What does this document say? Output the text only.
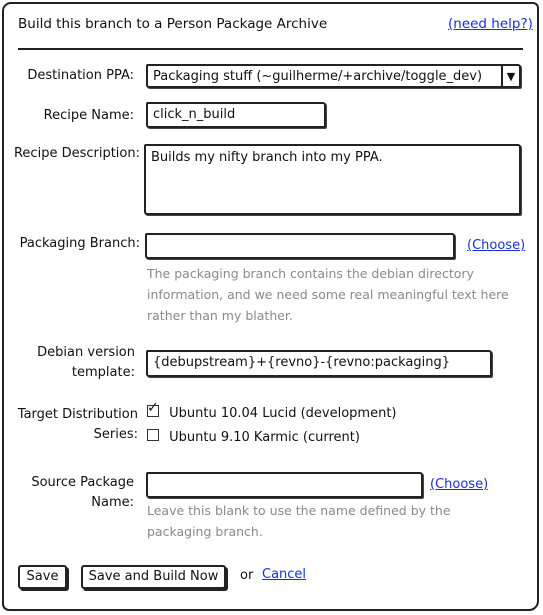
Build this branch to a Person Package Archive	(need help?)
Destination PPA:	Packaging stuff (~guilherme/+archive/toggle_dev)	▼
Recipe Name:	click_n_build
Recipe Description: Builds my nifty branch into my PPA.
Packaging Branch:	(Choose)
The packaging branch contains the debian directory information, and we need some real meaningful text here rather than my blather.
Debian version
template:
{debupstream}+{revno}-{revno:packaging}
Target Distribution
Series:
✓ Ubuntu 10.04 Lucid (development)
Ubuntu 9.10 Karmic (current)
Source Package
Name:
(Choose)
Leave this blank to use the name defined by the packaging branch.
Save	Save and Build Now	or Cancel
